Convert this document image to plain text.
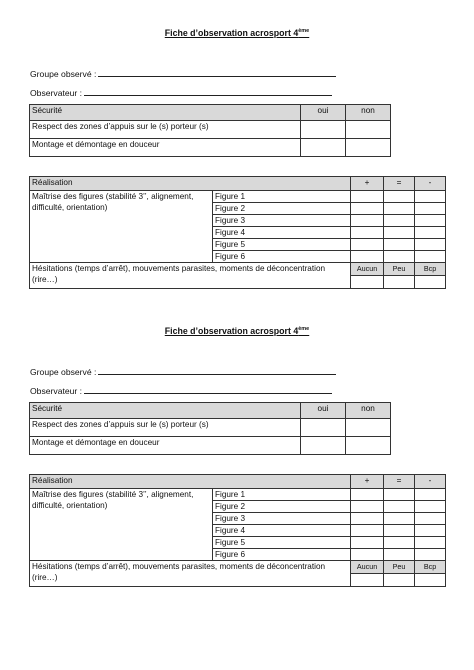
Fiche d’observation acrosport 4ème
Groupe observé :
Observateur :
Sécurité	oui	non
Respect des zones d’appuis sur le (s) porteur (s)		
Montage et démontage en douceur		
Réalisation		+	=	-
Maîtrise des figures (stabilité 3’’, alignement, difficulté, orientation)	Figure 1			
	Figure 2			
	Figure 3			
	Figure 4			
	Figure 5			
	Figure 6			
Hésitations (temps d’arrêt), mouvements parasites, moments de déconcentration (rire…)		Aucun	Peu	Bcp

Fiche d’observation acrosport 4ème
Groupe observé :
Observateur :
Sécurité	oui	non
Respect des zones d’appuis sur le (s) porteur (s)		
Montage et démontage en douceur		
Réalisation		+	=	-
Maîtrise des figures (stabilité 3’’, alignement, difficulté, orientation)	Figure 1			
	Figure 2			
	Figure 3			
	Figure 4			
	Figure 5			
	Figure 6			
Hésitations (temps d’arrêt), mouvements parasites, moments de déconcentration (rire…)		Aucun	Peu	Bcp
